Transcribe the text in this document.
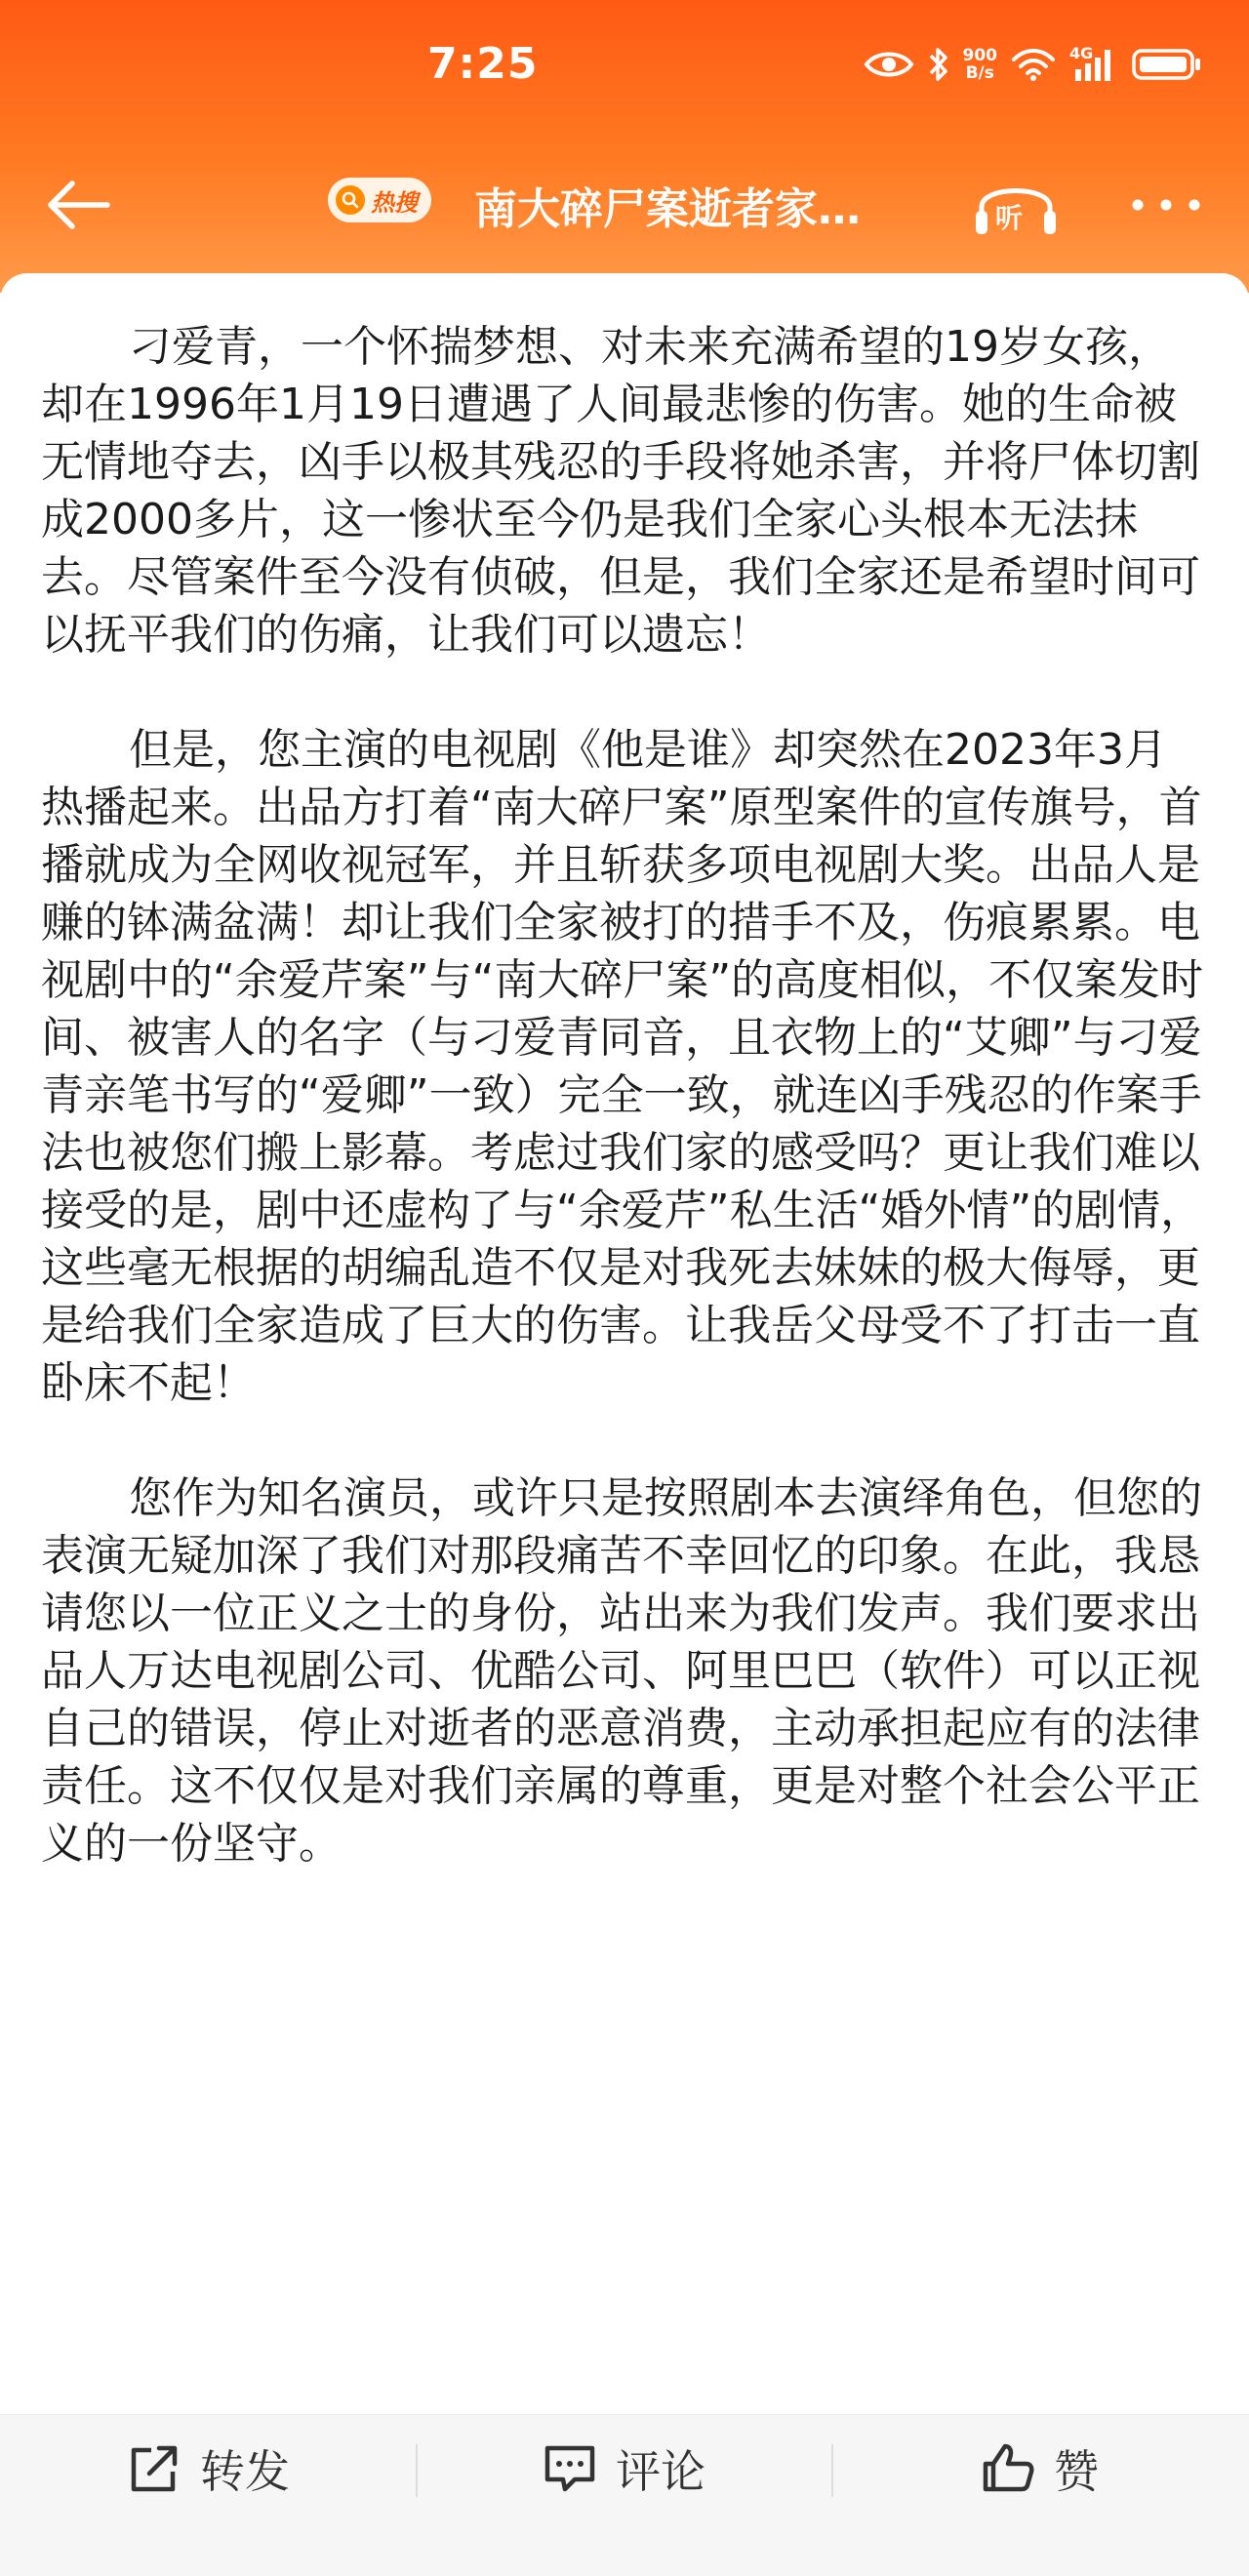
7:25	900
B/s
4G
热搜 南大碎尸案逝者家…	听

刁爱青，一个怀揣梦想、对未来充满希望的19岁女孩，却在1996年1月19日遭遇了人间最悲惨的伤害。她的生命被无情地夺去，凶手以极其残忍的手段将她杀害，并将尸体切割成2000多片，这一惨状至今仍是我们全家心头根本无法抹去。尽管案件至今没有侦破，但是，我们全家还是希望时间可以抚平我们的伤痛，让我们可以遗忘！

但是，您主演的电视剧《他是谁》却突然在2023年3月热播起来。出品方打着“南大碎尸案”原型案件的宣传旗号，首播就成为全网收视冠军，并且斩获多项电视剧大奖。出品人是赚的钵满盆满！却让我们全家被打的措手不及，伤痕累累。电视剧中的“余爱芹案”与“南大碎尸案”的高度相似，不仅案发时间、被害人的名字（与刁爱青同音，且衣物上的“艾卿”与刁爱青亲笔书写的“爱卿”一致）完全一致，就连凶手残忍的作案手法也被您们搬上影幕。考虑过我们家的感受吗？更让我们难以接受的是，剧中还虚构了与“余爱芹”私生活“婚外情”的剧情，这些毫无根据的胡编乱造不仅是对我死去妹妹的极大侮辱，更是给我们全家造成了巨大的伤害。让我岳父母受不了打击一直卧床不起！

您作为知名演员，或许只是按照剧本去演绎角色，但您的表演无疑加深了我们对那段痛苦不幸回忆的印象。在此，我恳请您以一位正义之士的身份，站出来为我们发声。我们要求出品人万达电视剧公司、优酷公司、阿里巴巴（软件）可以正视自己的错误，停止对逝者的恶意消费，主动承担起应有的法律责任。这不仅仅是对我们亲属的尊重，更是对整个社会公平正义的一份坚守。

转发	评论	赞
